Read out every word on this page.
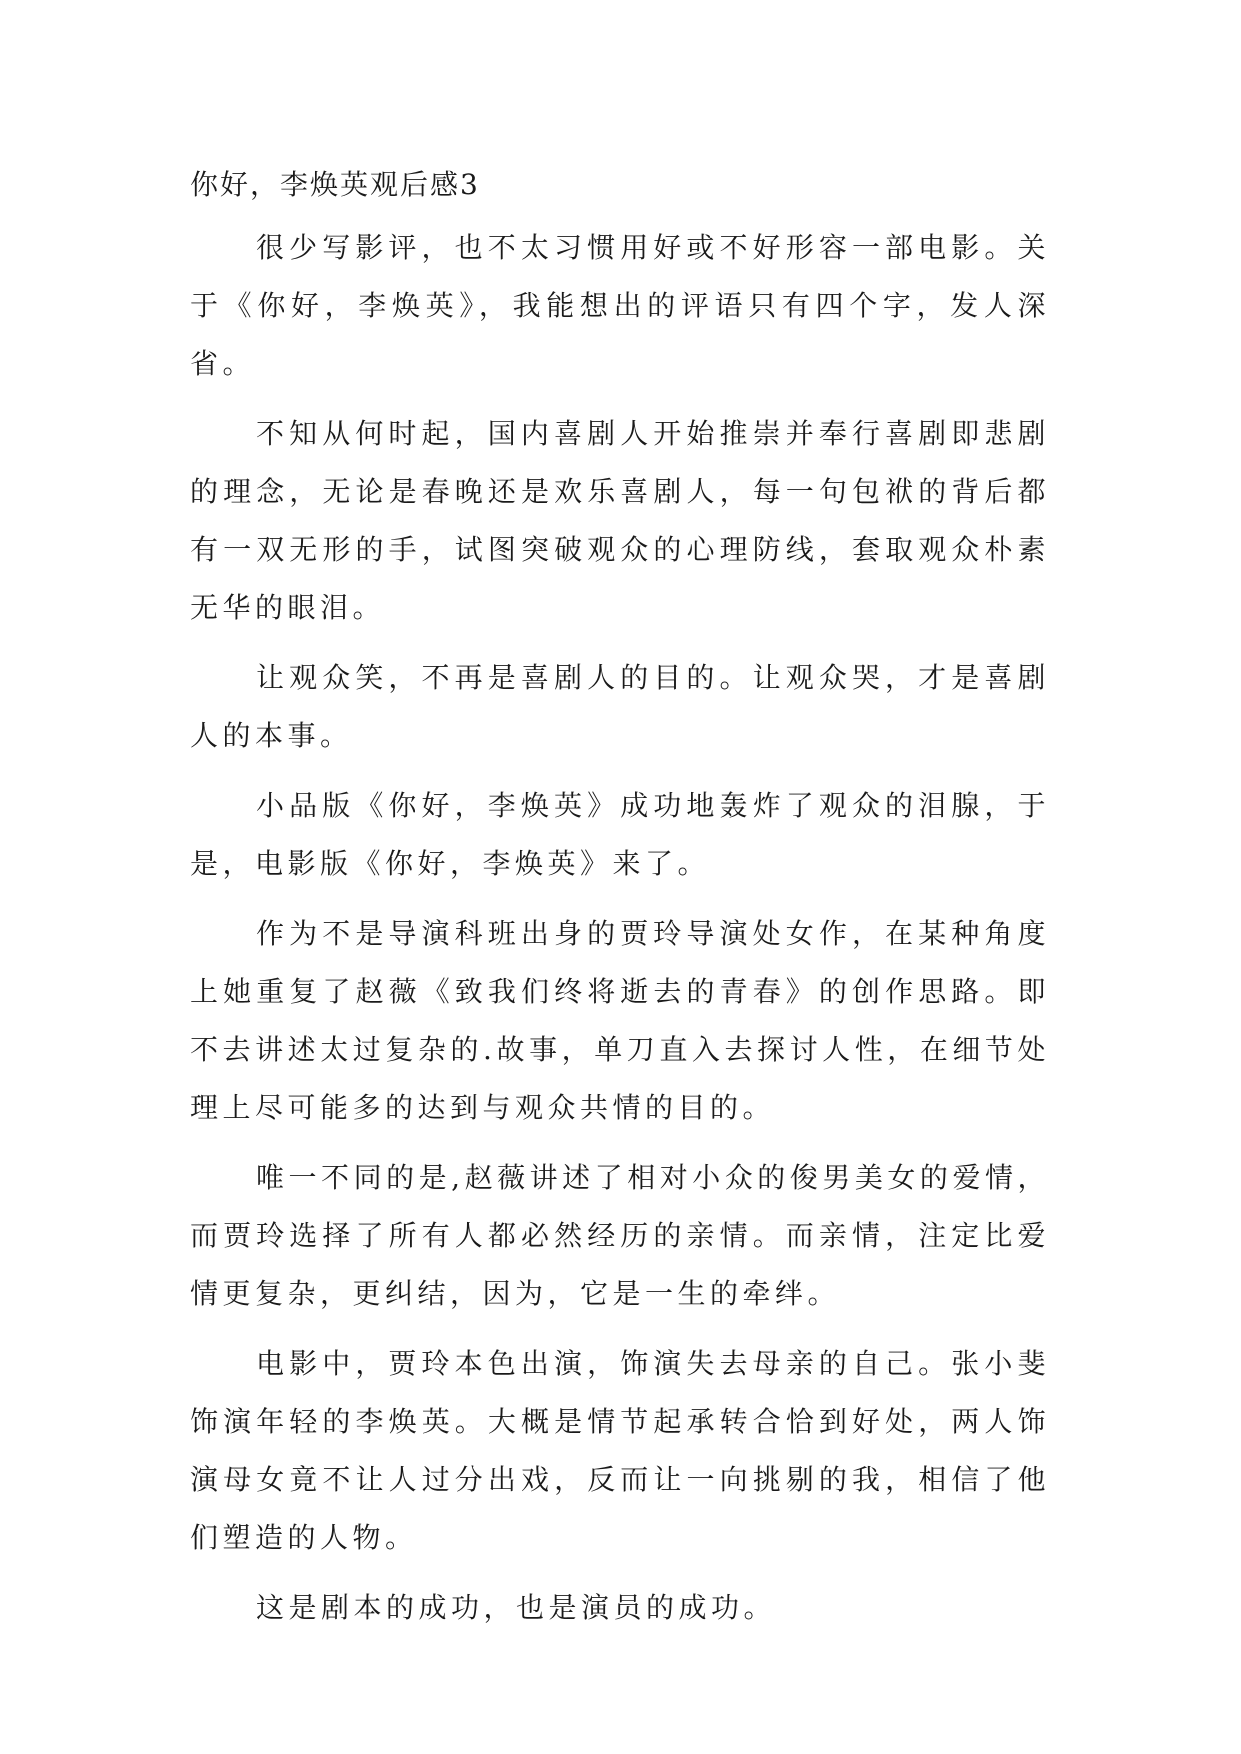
你好，李焕英观后感3

很少写影评，也不太习惯用好或不好形容一部电影。关于《你好，李焕英》，我能想出的评语只有四个字，发人深省。

不知从何时起，国内喜剧人开始推崇并奉行喜剧即悲剧的理念，无论是春晚还是欢乐喜剧人，每一句包袱的背后都有一双无形的手，试图突破观众的心理防线，套取观众朴素无华的眼泪。

让观众笑，不再是喜剧人的目的。让观众哭，才是喜剧人的本事。

小品版《你好，李焕英》成功地轰炸了观众的泪腺，于是，电影版《你好，李焕英》来了。

作为不是导演科班出身的贾玲导演处女作，在某种角度上她重复了赵薇《致我们终将逝去的青春》的创作思路。即不去讲述太过复杂的.故事，单刀直入去探讨人性，在细节处理上尽可能多的达到与观众共情的目的。

唯一不同的是,赵薇讲述了相对小众的俊男美女的爱情，而贾玲选择了所有人都必然经历的亲情。而亲情，注定比爱情更复杂，更纠结，因为，它是一生的牵绊。

电影中，贾玲本色出演，饰演失去母亲的自己。张小斐饰演年轻的李焕英。大概是情节起承转合恰到好处，两人饰演母女竟不让人过分出戏，反而让一向挑剔的我，相信了他们塑造的人物。

这是剧本的成功，也是演员的成功。
